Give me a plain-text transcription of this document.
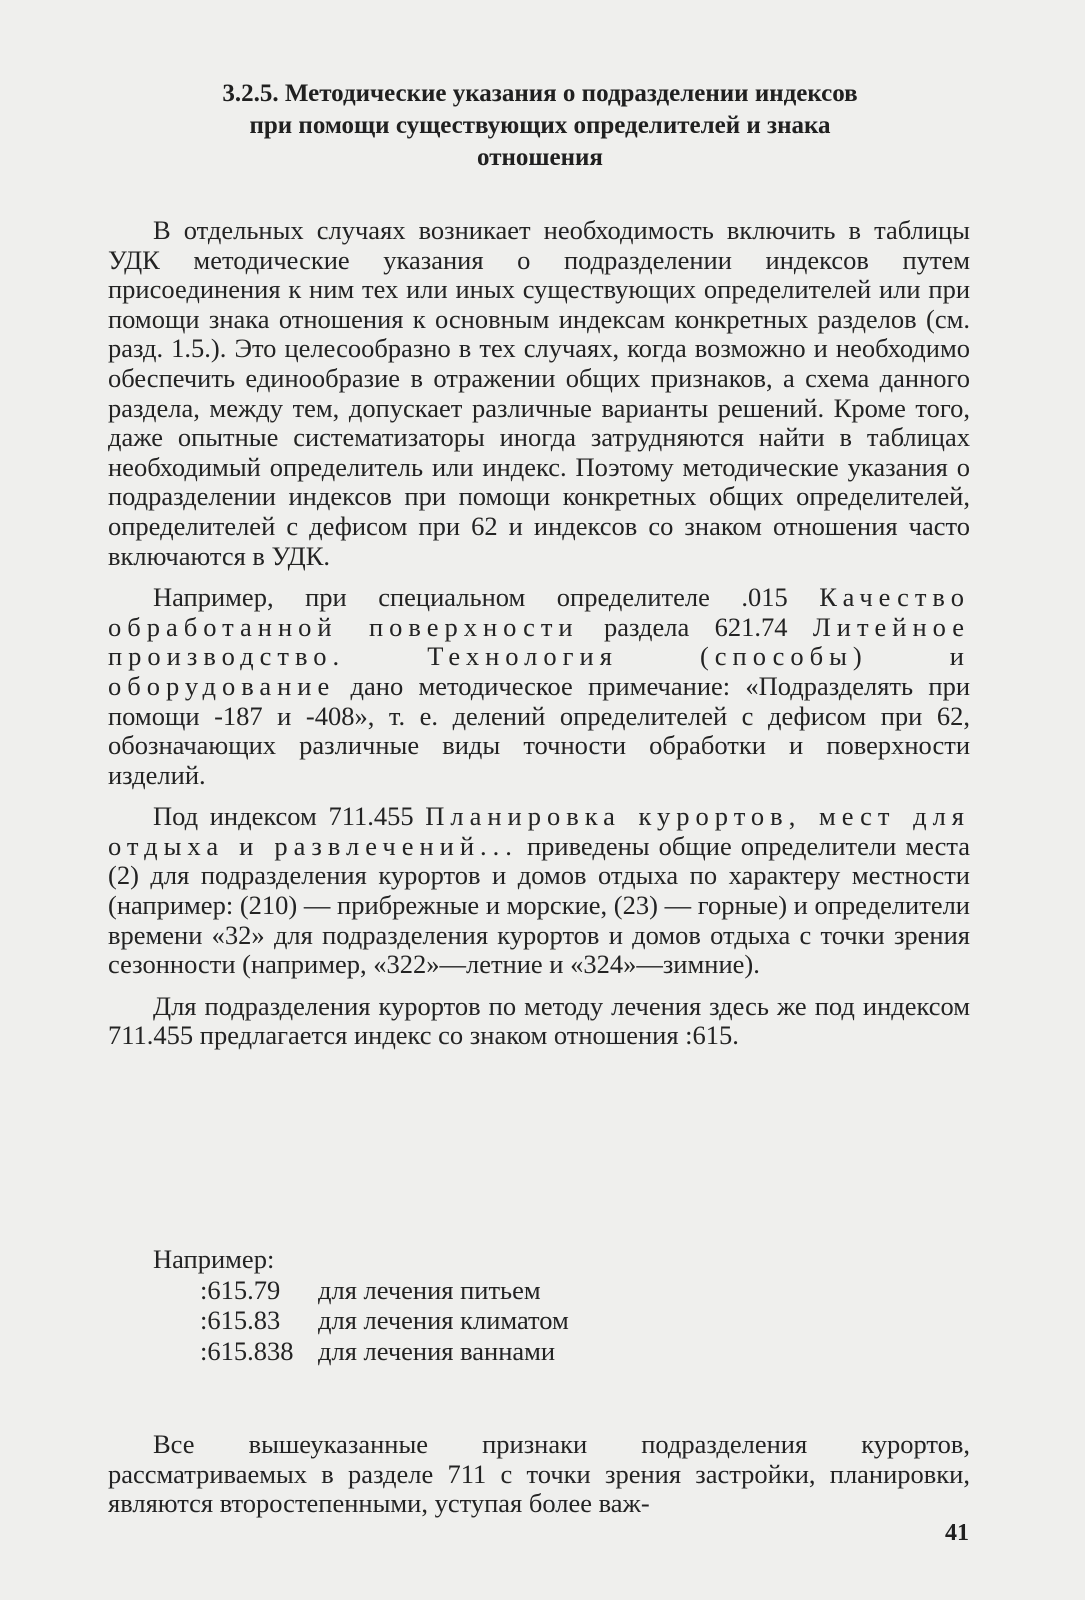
3.2.5. Методические указания о подразделении индексов
при помощи существующих определителей и знака
отношения

В отдельных случаях возникает необходимость включить в таблицы УДК методические указания о подразделении индексов путем присоединения к ним тех или иных существующих определителей или при помощи знака отношения к основным индексам конкретных разделов (см. разд. 1.5.). Это целесообразно в тех случаях, когда возможно и необходимо обеспечить единообразие в отражении общих признаков, а схема данного раздела, между тем, допускает различные варианты решений. Кроме того, даже опытные систематизаторы иногда затрудняются найти в таблицах необходимый определитель или индекс. Поэтому методические указания о подразделении индексов при помощи конкретных общих определителей, определителей с дефисом при 62 и индексов со знаком отношения часто включаются в УДК.

Например, при специальном определителе .015 Качество обработанной поверхности раздела 621.74 Литейное производство. Технология (способы) и оборудование дано методическое примечание: «Подразделять при помощи -187 и -408», т. е. делений определителей с дефисом при 62, обозначающих различные виды точности обработки и поверхности изделий.

Под индексом 711.455 Планировка курортов, мест для отдыха и развлечений... приведены общие определители места (2) для подразделения курортов и домов отдыха по характеру местности (например: (210) — прибрежные и морские, (23) — горные) и определители времени «32» для подразделения курортов и домов отдыха с точки зрения сезонности (например, «322»—летние и «324»—зимние).

Для подразделения курортов по методу лечения здесь же под индексом 711.455 предлагается индекс со знаком отношения :615.

Например:
:615.79	для лечения питьем
:615.83	для лечения климатом
:615.838 для лечения ваннами

Все вышеуказанные признаки подразделения курортов, рассматриваемых в разделе 711 с точки зрения застройки, планировки, являются второстепенными, уступая более важ-

41
